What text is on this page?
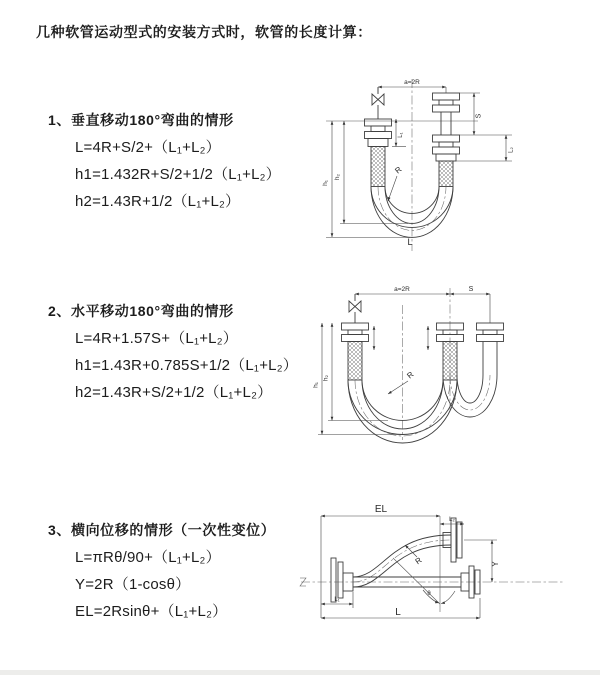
几种软管运动型式的安装方式时，软管的长度计算：
1、垂直移动180°弯曲的情形
L=4R+S/2+（L₁+L₂）
h1=1.432R+S/2+1/2（L₁+L₂）
h2=1.43R+1/2（L₁+L₂）
a=2R
h₁
h₂
L₁
S
L₂
R
L
2、水平移动180°弯曲的情形
L=4R+1.57S+（L₁+L₂）
h1=1.43R+0.785S+1/2（L₁+L₂）
h2=1.43R+S/2+1/2（L₁+L₂）
a=2R	S
h₁
h₂	R
3、横向位移的情形（一次性变位）
L=πRθ/90+（L₁+L₂）
Y=2R（1-cosθ）
EL=2Rsinθ+（L₁+L₂）
θ
R
EL
L₂
Y
L
L₁
